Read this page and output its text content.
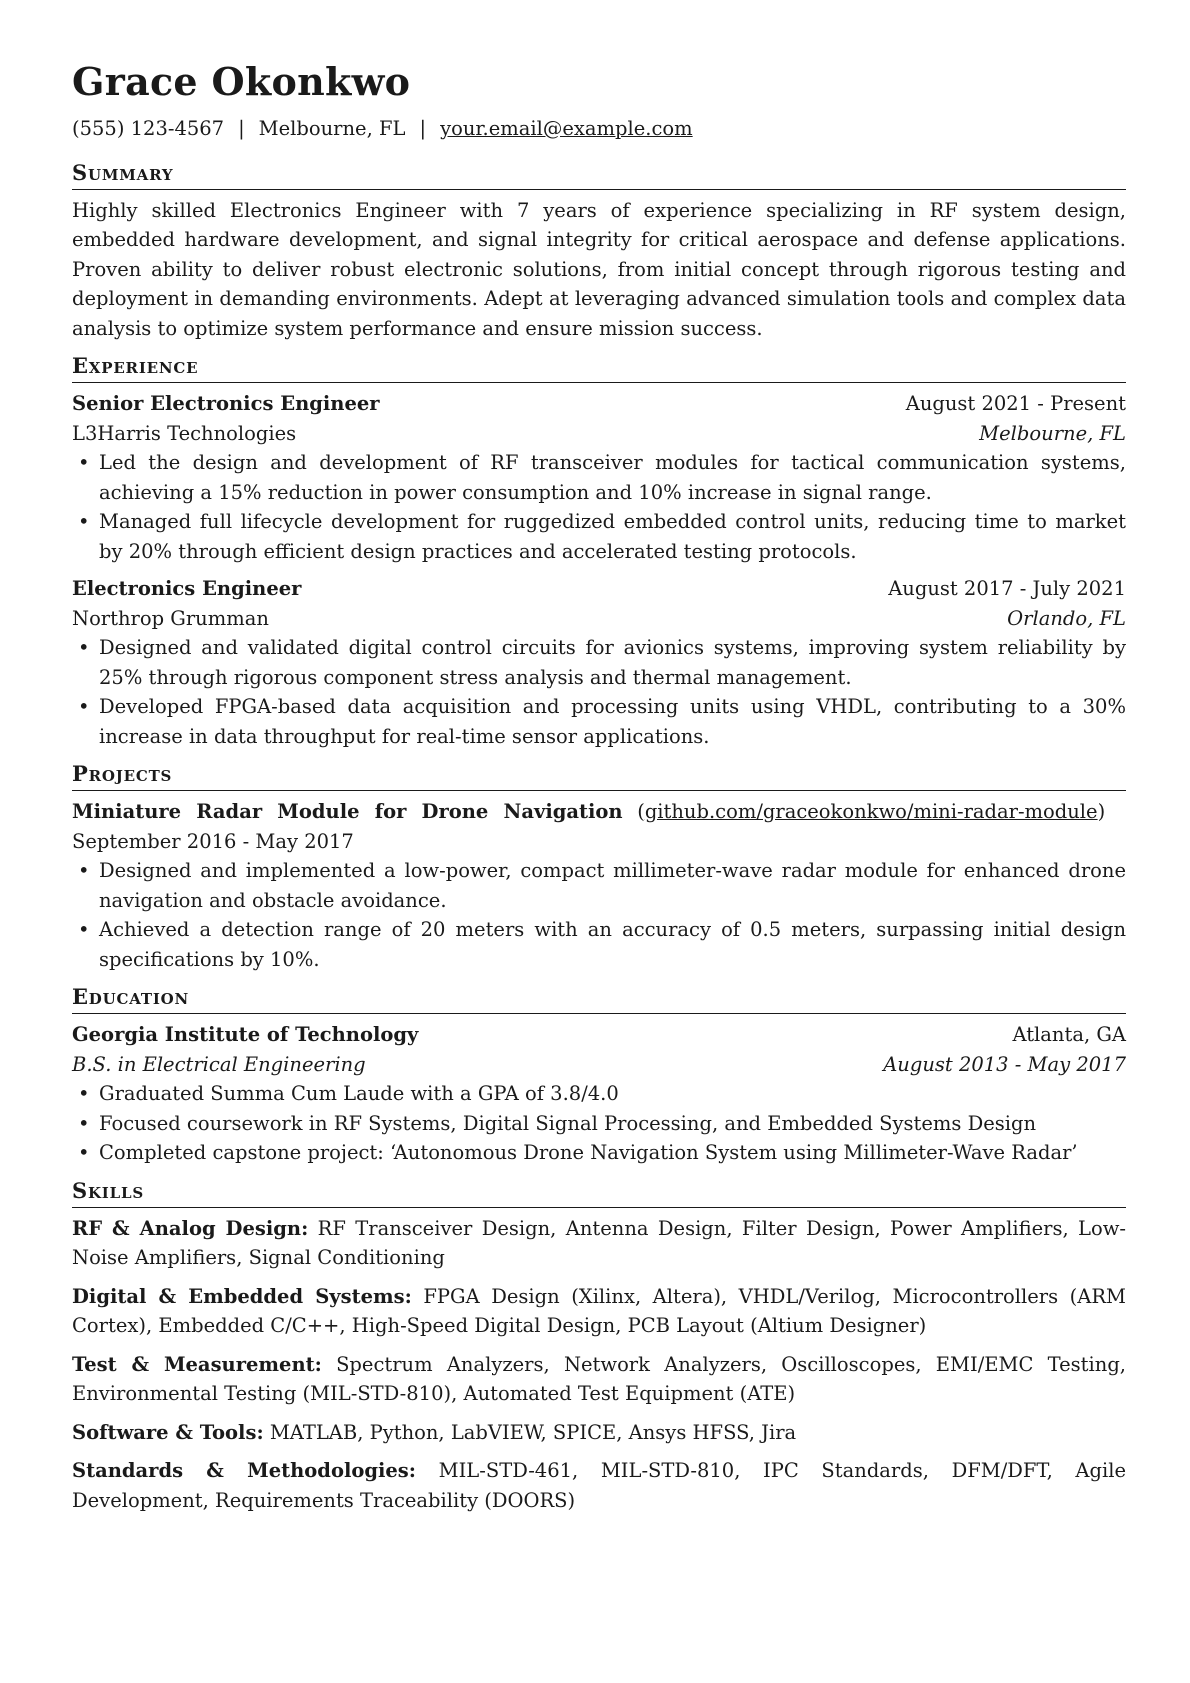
Grace Okonkwo
(555) 123-4567 | Melbourne, FL | your.email@example.com
Summary

Highly skilled Electronics Engineer with 7 years of experience specializing in RF system design, embedded hardware development, and signal integrity for critical aerospace and defense applications. Proven ability to deliver robust electronic solutions, from initial concept through rigorous testing and deployment in demanding environments. Adept at leveraging advanced simulation tools and complex data analysis to optimize system performance and ensure mission success.

Experience
Senior Electronics Engineer	August 2021 - Present
L3Harris Technologies	Melbourne, FL
• Led the design and development of RF transceiver modules for tactical communication systems, achieving a 15% reduction in power consumption and 10% increase in signal range.
• Managed full lifecycle development for ruggedized embedded control units, reducing time to market by 20% through efficient design practices and accelerated testing protocols.
Electronics Engineer	August 2017 - July 2021
Northrop Grumman	Orlando, FL
• Designed and validated digital control circuits for avionics systems, improving system reliability by 25% through rigorous component stress analysis and thermal management.
• Developed FPGA-based data acquisition and processing units using VHDL, contributing to a 30% increase in data throughput for real-time sensor applications.
Projects
Miniature Radar Module for Drone Navigation (github.com/graceokonkwo/mini-radar-module)   September 2016 - May 2017
• Designed and implemented a low-power, compact millimeter-wave radar module for enhanced drone navigation and obstacle avoidance.
• Achieved a detection range of 20 meters with an accuracy of 0.5 meters, surpassing initial design specifications by 10%.
Education
Georgia Institute of Technology	Atlanta, GA
B.S. in Electrical Engineering	August 2013 - May 2017
• Graduated Summa Cum Laude with a GPA of 3.8/4.0
• Focused coursework in RF Systems, Digital Signal Processing, and Embedded Systems Design
• Completed capstone project: ‘Autonomous Drone Navigation System using Millimeter-Wave Radar’
Skills

RF & Analog Design: RF Transceiver Design, Antenna Design, Filter Design, Power Amplifiers, Low-Noise Amplifiers, Signal Conditioning

Digital & Embedded Systems: FPGA Design (Xilinx, Altera), VHDL/Verilog, Microcontrollers (ARM Cortex), Embedded C/C++, High-Speed Digital Design, PCB Layout (Altium Designer)

Test & Measurement: Spectrum Analyzers, Network Analyzers, Oscilloscopes, EMI/EMC Testing, Environmental Testing (MIL-STD-810), Automated Test Equipment (ATE)

Software & Tools: MATLAB, Python, LabVIEW, SPICE, Ansys HFSS, Jira

Standards & Methodologies: MIL-STD-461, MIL-STD-810, IPC Standards, DFM/DFT, Agile Development, Requirements Traceability (DOORS)
